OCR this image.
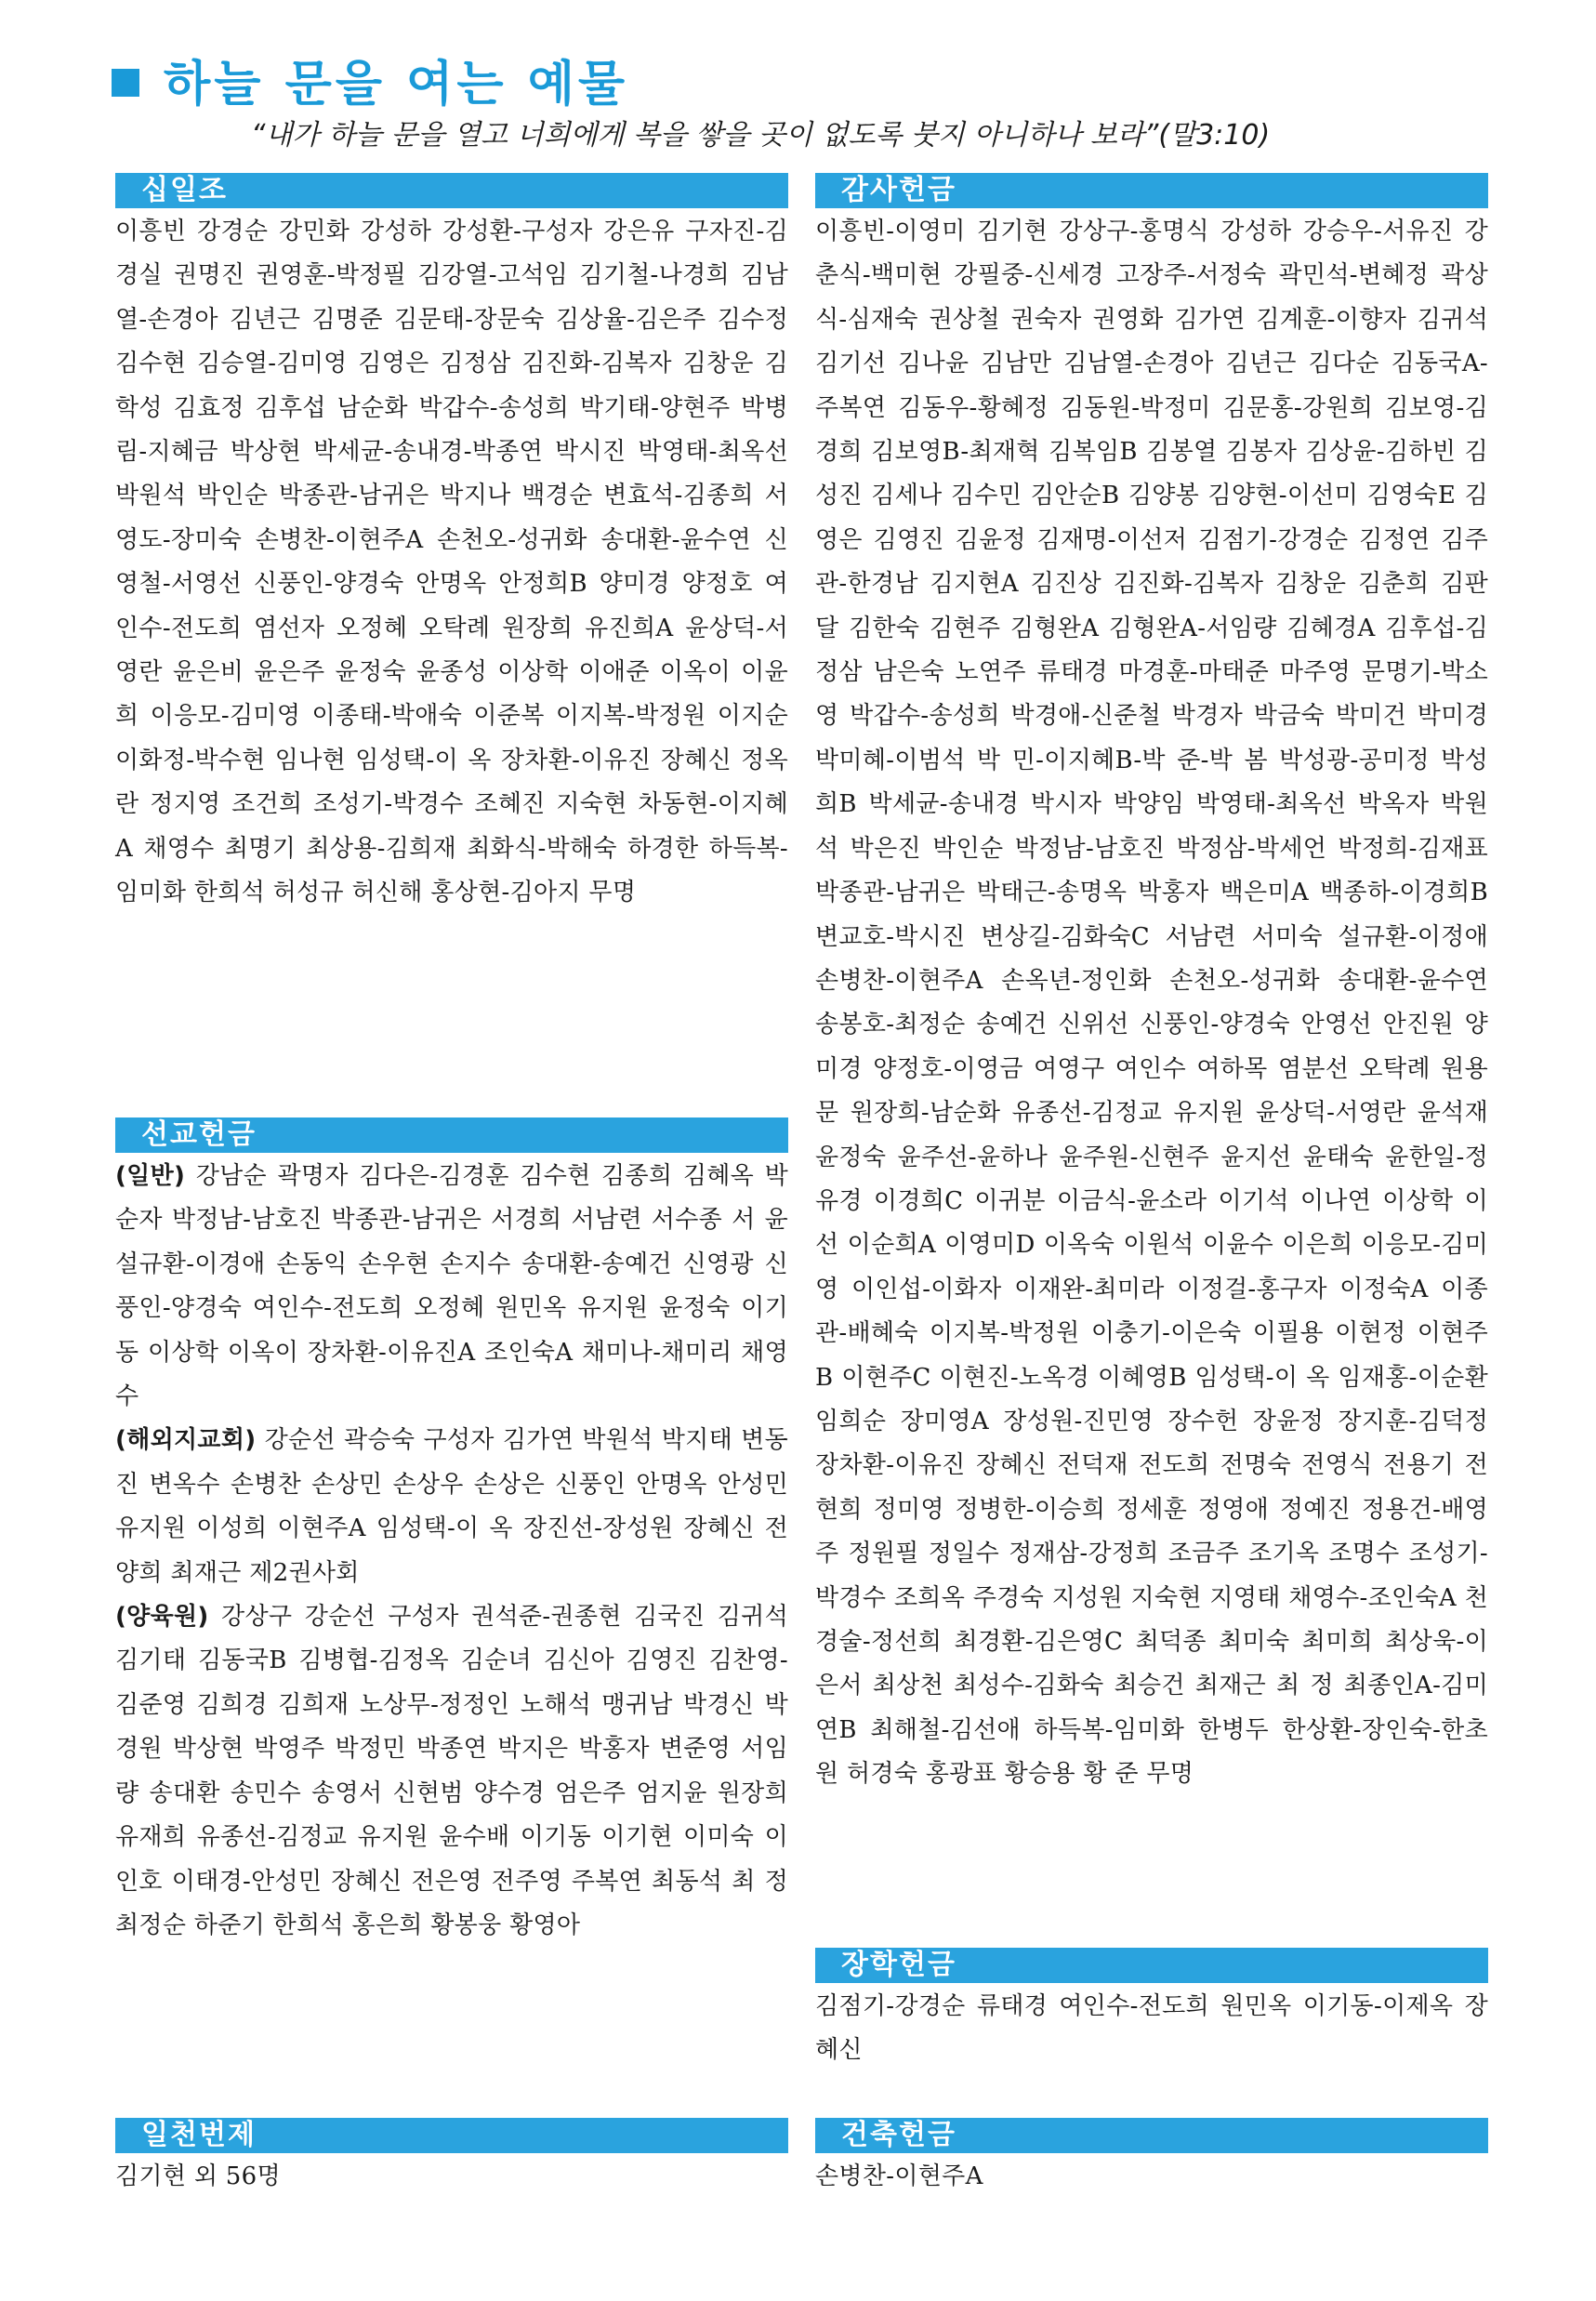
하늘 문을 여는 예물
“내가 하늘 문을 열고 너희에게 복을 쌓을 곳이 없도록 붓지 아니하나 보라”(말3:10)
십일조
이흥빈 강경순 강민화 강성하 강성환-구성자 강은유 구자진-김경실 권명진 권영훈-박정필 김강열-고석임 김기철-나경희 김남열-손경아 김년근 김명준 김문태-장문숙 김상율-김은주 김수정 김수현 김승열-김미영 김영은 김정삼 김진화-김복자 김창운 김학성 김효정 김후섭 남순화 박갑수-송성희 박기태-양현주 박병림-지혜금 박상현 박세균-송내경-박종연 박시진 박영태-최옥선 박원석 박인순 박종관-남귀은 박지나 백경순 변효석-김종희 서영도-장미숙 손병찬-이현주A 손천오-성귀화 송대환-윤수연 신영철-서영선 신풍인-양경숙 안명옥 안정희B 양미경 양정호 여인수-전도희 염선자 오정혜 오탁례 원장희 유진희A 윤상덕-서영란 윤은비 윤은주 윤정숙 윤종성 이상학 이애준 이옥이 이윤희 이응모-김미영 이종태-박애숙 이준복 이지복-박정원 이지순 이화정-박수현 임나현 임성택-이 옥 장차환-이유진 장혜신 정옥란 정지영 조건희 조성기-박경수 조혜진 지숙현 차동현-이지혜A 채영수 최명기 최상용-김희재 최화식-박해숙 하경한 하득복-임미화 한희석 허성규 허신해 홍상현-김아지 무명
선교헌금

(일반) 강남순 곽명자 김다은-김경훈 김수현 김종희 김혜옥 박순자 박정남-남호진 박종관-남귀은 서경희 서남련 서수종 서 윤 설규환-이경애 손동익 손우현 손지수 송대환-송예건 신영광 신풍인-양경숙 여인수-전도희 오정혜 원민옥 유지원 윤정숙 이기동 이상학 이옥이 장차환-이유진A 조인숙A 채미나-채미리 채영수

(해외지교회) 강순선 곽승숙 구성자 김가연 박원석 박지태 변동진 변옥수 손병찬 손상민 손상우 손상은 신풍인 안명옥 안성민 유지원 이성희 이현주A 임성택-이 옥 장진선-장성원 장혜신 전양희 최재근 제2권사회

(양육원) 강상구 강순선 구성자 권석준-권종현 김국진 김귀석 김기태 김동국B 김병협-김정옥 김순녀 김신아 김영진 김찬영-김준영 김희경 김희재 노상무-정정인 노해석 맹귀남 박경신 박경원 박상현 박영주 박정민 박종연 박지은 박홍자 변준영 서임량 송대환 송민수 송영서 신현범 양수경 엄은주 엄지윤 원장희 유재희 유종선-김정교 유지원 윤수배 이기동 이기현 이미숙 이인호 이태경-안성민 장혜신 전은영 전주영 주복연 최동석 최 정 최정순 하준기 한희석 홍은희 황봉웅 황영아

일천번제
김기현 외 56명
감사헌금
이흥빈-이영미 김기현 강상구-홍명식 강성하 강승우-서유진 강춘식-백미현 강필중-신세경 고장주-서정숙 곽민석-변혜정 곽상식-심재숙 권상철 권숙자 권영화 김가연 김계훈-이향자 김귀석 김기선 김나윤 김남만 김남열-손경아 김년근 김다순 김동국A-주복연 김동우-황혜정 김동원-박정미 김문홍-강원희 김보영-김경희 김보영B-최재혁 김복임B 김봉열 김봉자 김상윤-김하빈 김성진 김세나 김수민 김안순B 김양봉 김양현-이선미 김영숙E 김영은 김영진 김윤정 김재명-이선저 김점기-강경순 김정연 김주관-한경남 김지현A 김진상 김진화-김복자 김창운 김춘희 김판달 김한숙 김현주 김형완A 김형완A-서임량 김혜경A 김후섭-김정삼 남은숙 노연주 류태경 마경훈-마태준 마주영 문명기-박소영 박갑수-송성희 박경애-신준철 박경자 박금숙 박미건 박미경 박미혜-이범석 박 민-이지혜B-박 준-박 봄 박성광-공미정 박성희B 박세균-송내경 박시자 박양임 박영태-최옥선 박옥자 박원석 박은진 박인순 박정남-남호진 박정삼-박세언 박정희-김재표 박종관-남귀은 박태근-송명옥 박홍자 백은미A 백종하-이경희B 변교호-박시진 변상길-김화숙C 서남련 서미숙 설규환-이정애 손병찬-이현주A 손옥년-정인화 손천오-성귀화 송대환-윤수연 송봉호-최정순 송예건 신위선 신풍인-양경숙 안영선 안진원 양미경 양정호-이영금 여영구 여인수 여하목 염분선 오탁례 원용문 원장희-남순화 유종선-김정교 유지원 윤상덕-서영란 윤석재 윤정숙 윤주선-윤하나 윤주원-신현주 윤지선 윤태숙 윤한일-정유경 이경희C 이귀분 이금식-윤소라 이기석 이나연 이상학 이 선 이순희A 이영미D 이옥숙 이원석 이윤수 이은희 이응모-김미영 이인섭-이화자 이재완-최미라 이정걸-홍구자 이정숙A 이종관-배혜숙 이지복-박정원 이충기-이은숙 이필용 이현정 이현주B 이현주C 이현진-노옥경 이혜영B 임성택-이 옥 임재홍-이순환 임희순 장미영A 장성원-진민영 장수헌 장윤정 장지훈-김덕정 장차환-이유진 장혜신 전덕재 전도희 전명숙 전영식 전용기 전현희 정미영 정병한-이승희 정세훈 정영애 정예진 정용건-배영주 정원필 정일수 정재삼-강정희 조금주 조기옥 조명수 조성기-박경수 조희옥 주경숙 지성원 지숙현 지영태 채영수-조인숙A 천경술-정선희 최경환-김은영C 최덕종 최미숙 최미희 최상욱-이은서 최상천 최성수-김화숙 최승건 최재근 최 정 최종인A-김미연B 최해철-김선애 하득복-임미화 한병두 한상환-장인숙-한초원 허경숙 홍광표 황승용 황 준 무명
장학헌금
김점기-강경순 류태경 여인수-전도희 원민옥 이기동-이제옥 장혜신
건축헌금
손병찬-이현주A
